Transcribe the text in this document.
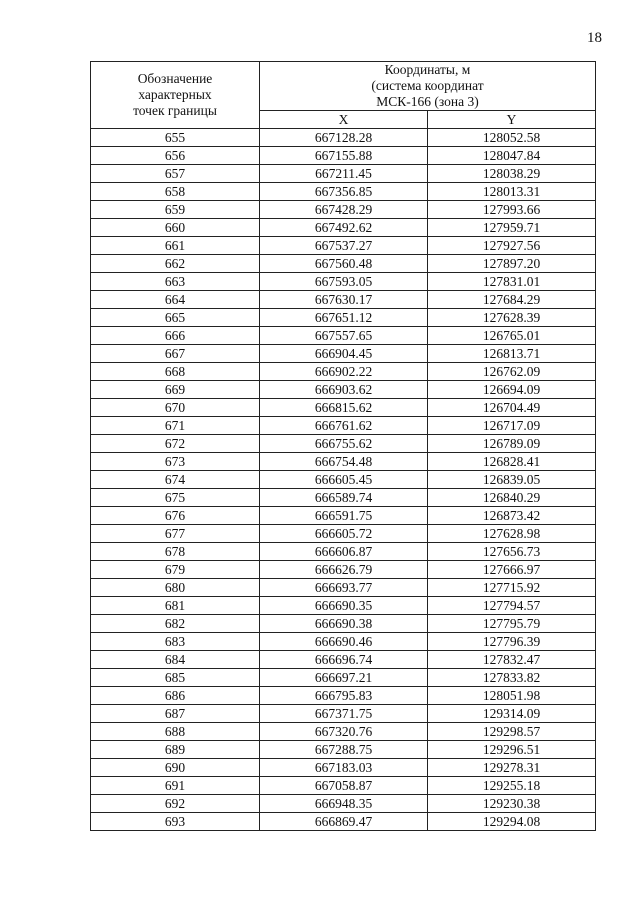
18
Обозначение
характерных
точек границы	Координаты, м
(система координат
МСК-166 (зона 3)	
	X	Y
655	667128.28	128052.58
656	667155.88	128047.84
657	667211.45	128038.29
658	667356.85	128013.31
659	667428.29	127993.66
660	667492.62	127959.71
661	667537.27	127927.56
662	667560.48	127897.20
663	667593.05	127831.01
664	667630.17	127684.29
665	667651.12	127628.39
666	667557.65	126765.01
667	666904.45	126813.71
668	666902.22	126762.09
669	666903.62	126694.09
670	666815.62	126704.49
671	666761.62	126717.09
672	666755.62	126789.09
673	666754.48	126828.41
674	666605.45	126839.05
675	666589.74	126840.29
676	666591.75	126873.42
677	666605.72	127628.98
678	666606.87	127656.73
679	666626.79	127666.97
680	666693.77	127715.92
681	666690.35	127794.57
682	666690.38	127795.79
683	666690.46	127796.39
684	666696.74	127832.47
685	666697.21	127833.82
686	666795.83	128051.98
687	667371.75	129314.09
688	667320.76	129298.57
689	667288.75	129296.51
690	667183.03	129278.31
691	667058.87	129255.18
692	666948.35	129230.38
693	666869.47	129294.08
